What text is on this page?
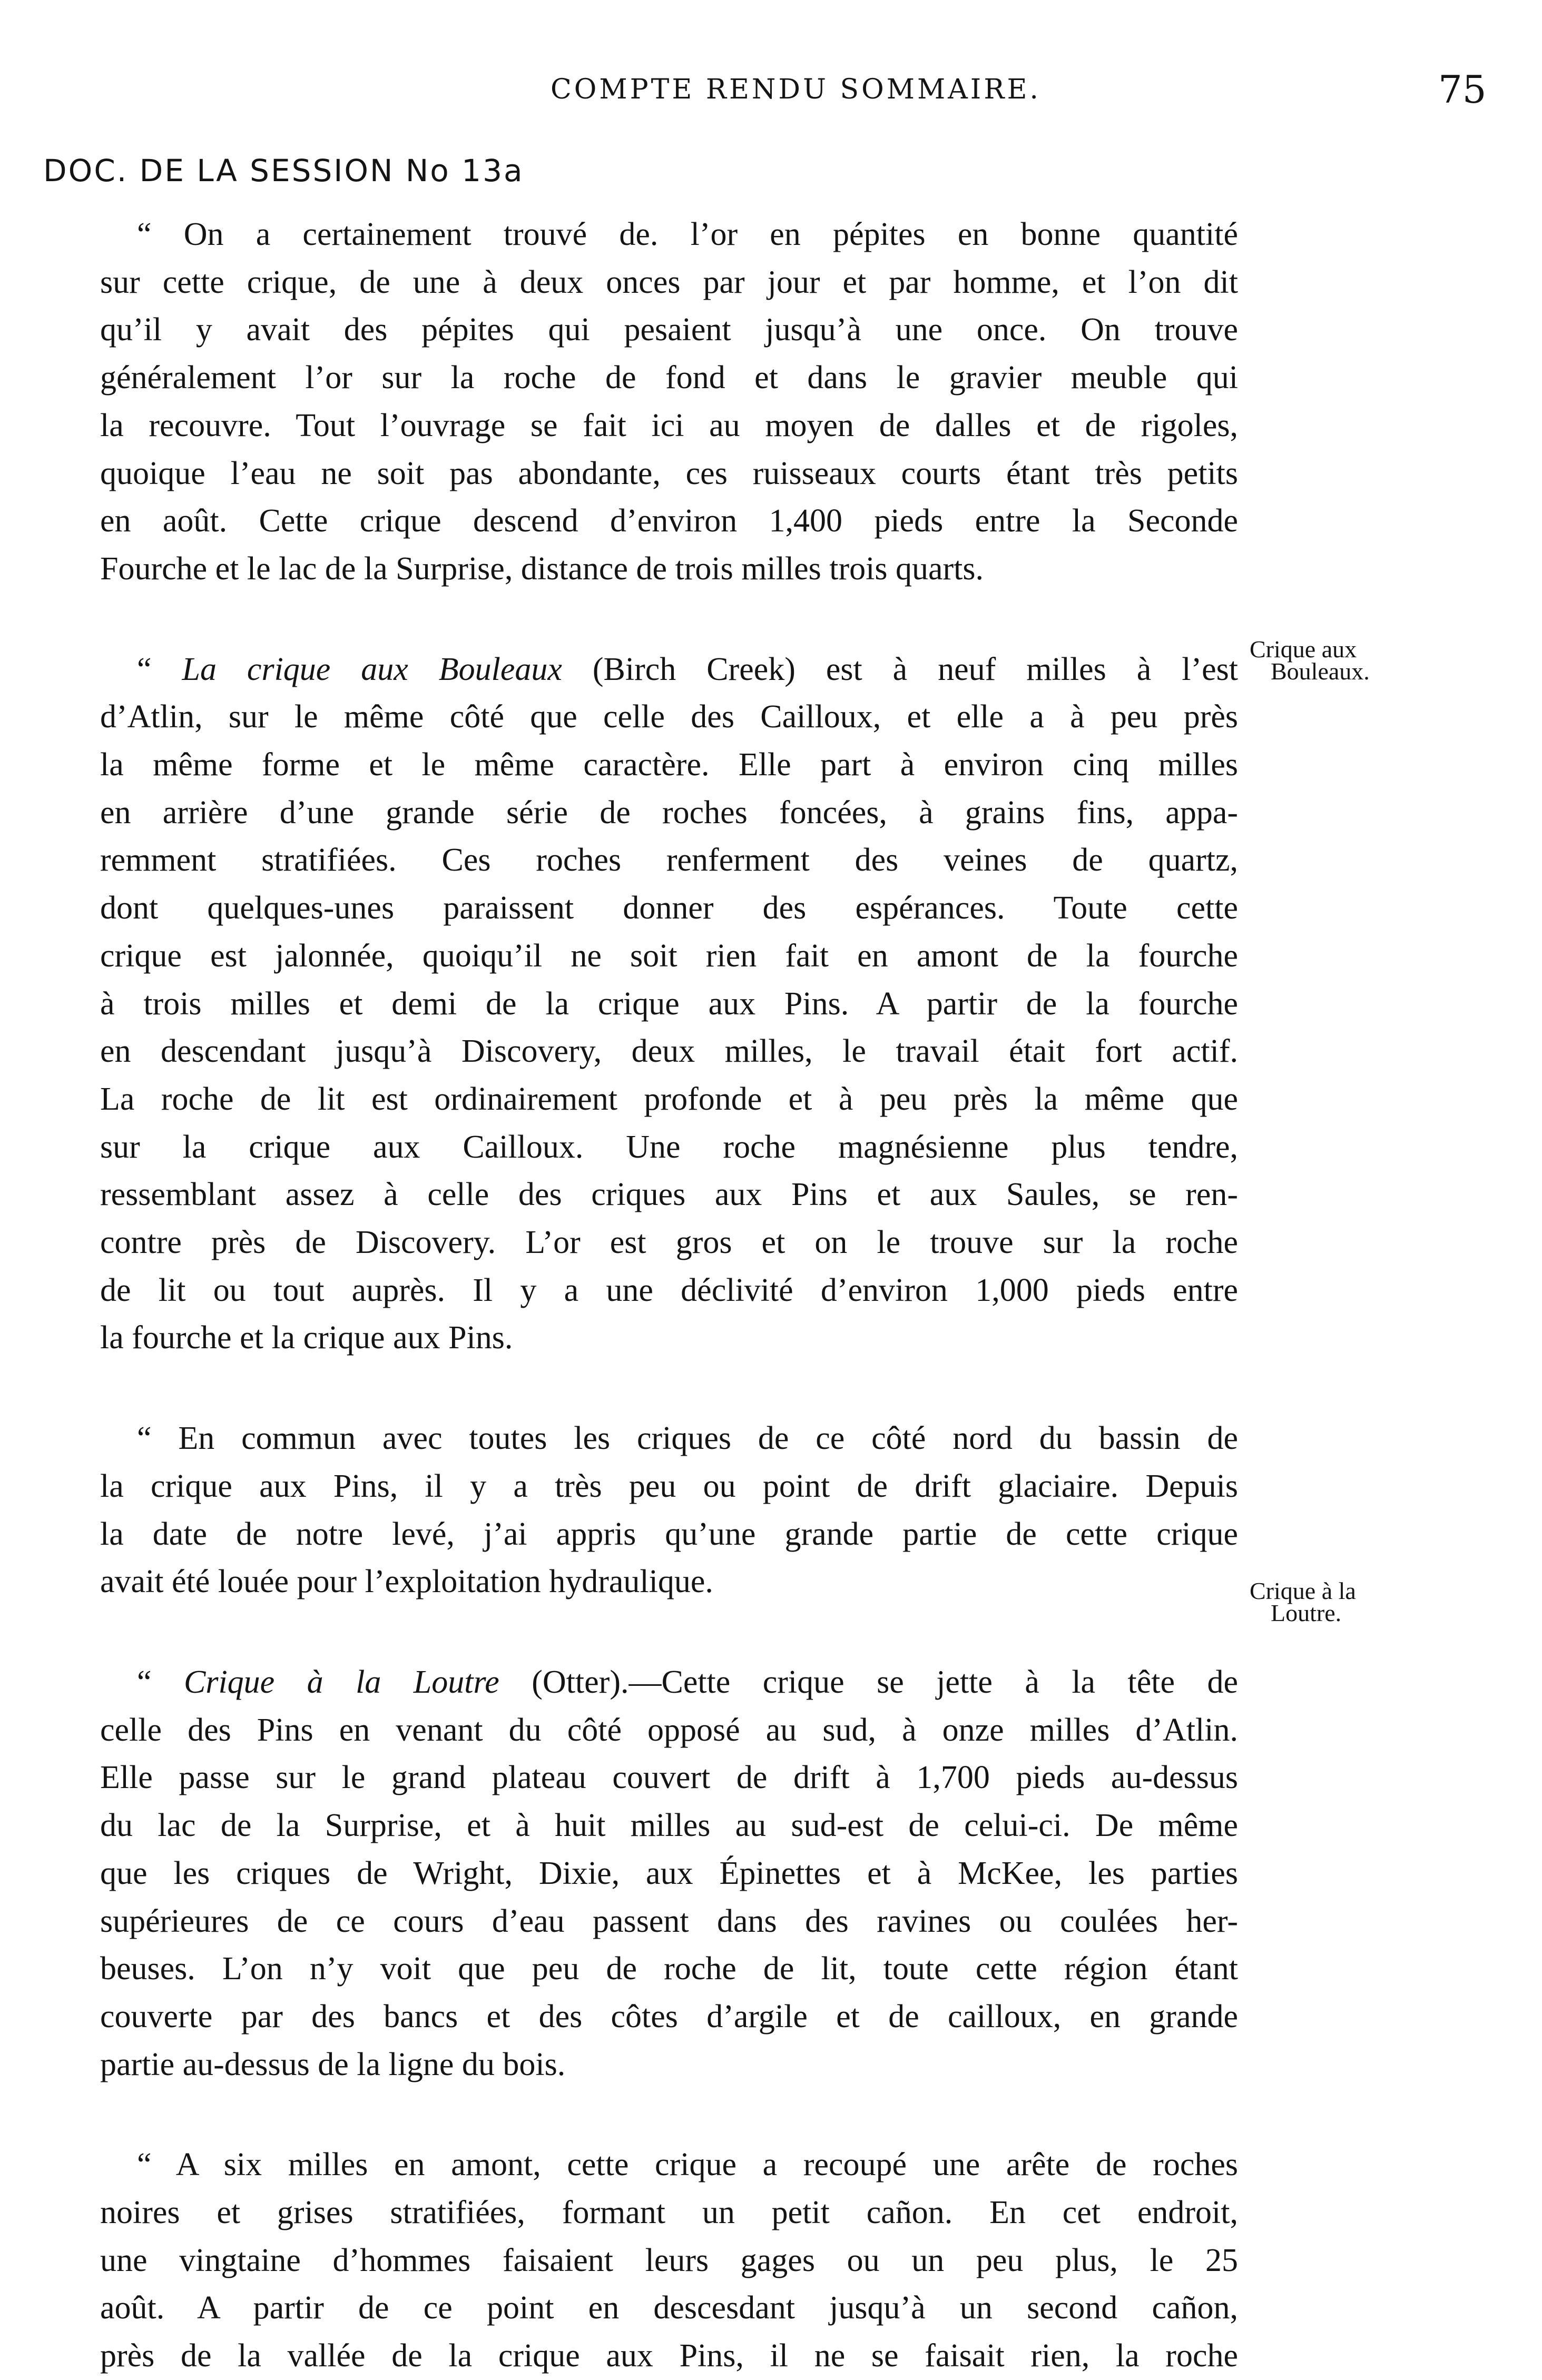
COMPTE RENDU SOMMAIRE.	75
DOC. DE LA SESSION No 13a
Crique aux
Bouleaux.
Crique à la
Loutre.

“ On a certainement trouvé de. l’or en pépites en bonne quantité

sur cette crique, de une à deux onces par jour et par homme, et l’on dit

qu’il y avait des pépites qui pesaient jusqu’à une once. On trouve

généralement l’or sur la roche de fond et dans le gravier meuble qui

la recouvre. Tout l’ouvrage se fait ici au moyen de dalles et de rigoles,

quoique l’eau ne soit pas abondante, ces ruisseaux courts étant très petits

en août. Cette crique descend d’environ 1,400 pieds entre la Seconde

Fourche et le lac de la Surprise, distance de trois milles trois quarts.

“ La crique aux Bouleaux (Birch Creek) est à neuf milles à l’est

d’Atlin, sur le même côté que celle des Cailloux, et elle a à peu près

la même forme et le même caractère. Elle part à environ cinq milles

en arrière d’une grande série de roches foncées, à grains fins, appa-

remment stratifiées. Ces roches renferment des veines de quartz,

dont quelques-unes paraissent donner des espérances. Toute cette

crique est jalonnée, quoiqu’il ne soit rien fait en amont de la fourche

à trois milles et demi de la crique aux Pins. A partir de la fourche

en descendant jusqu’à Discovery, deux milles, le travail était fort actif.

La roche de lit est ordinairement profonde et à peu près la même que

sur la crique aux Cailloux. Une roche magnésienne plus tendre,

ressemblant assez à celle des criques aux Pins et aux Saules, se ren-

contre près de Discovery. L’or est gros et on le trouve sur la roche

de lit ou tout auprès. Il y a une déclivité d’environ 1,000 pieds entre

la fourche et la crique aux Pins.

“ En commun avec toutes les criques de ce côté nord du bassin de

la crique aux Pins, il y a très peu ou point de drift glaciaire. Depuis

la date de notre levé, j’ai appris qu’une grande partie de cette crique

avait été louée pour l’exploitation hydraulique.

“ Crique à la Loutre (Otter).—Cette crique se jette à la tête de

celle des Pins en venant du côté opposé au sud, à onze milles d’Atlin.

Elle passe sur le grand plateau couvert de drift à 1,700 pieds au-dessus

du lac de la Surprise, et à huit milles au sud-est de celui-ci. De même

que les criques de Wright, Dixie, aux Épinettes et à McKee, les parties

supérieures de ce cours d’eau passent dans des ravines ou coulées her-

beuses. L’on n’y voit que peu de roche de lit, toute cette région étant

couverte par des bancs et des côtes d’argile et de cailloux, en grande

partie au-dessus de la ligne du bois.

“ A six milles en amont, cette crique a recoupé une arête de roches

noires et grises stratifiées, formant un petit cañon. En cet endroit,

une vingtaine d’hommes faisaient leurs gages ou un peu plus, le 25

août. A partir de ce point en descesdant jusqu’à un second cañon,

près de la vallée de la crique aux Pins, il ne se faisait rien, la roche
